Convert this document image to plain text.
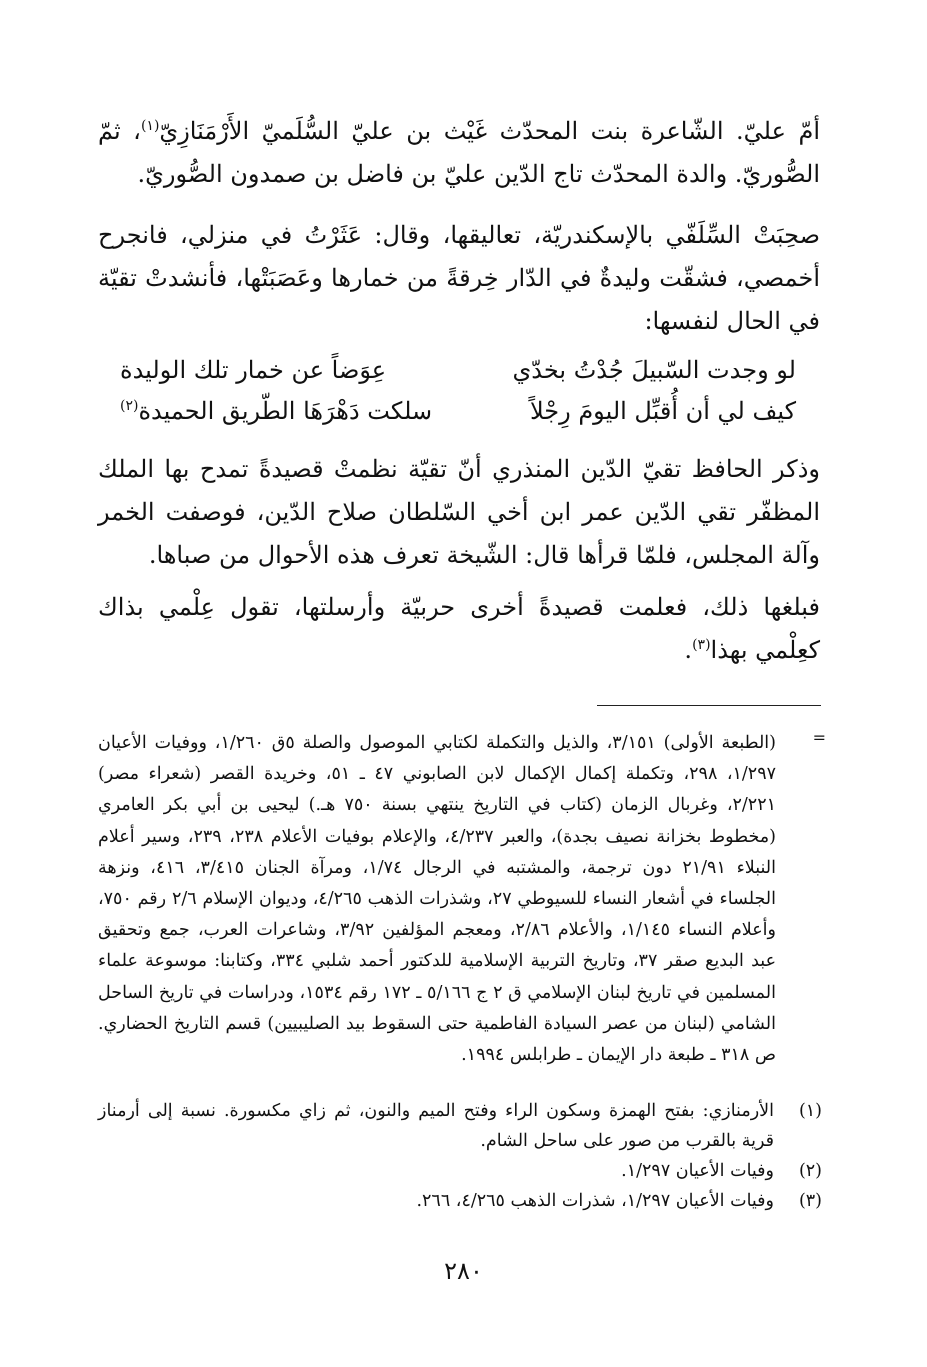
أمّ عليّ. الشّاعرة بنت المحدّث غَيْث بن عليّ السُّلَميّ الأَرْمَنَازِيّ$^{(١)}$، ثمّ الصُّوريّ. والدة المحدّث تاج الدّين عليّ بن فاضل بن صمدون الصُّوريّ.

صحِبَتْ السِّلَفّي بالإسكندريّة، تعاليقها، وقال: عَثَرْتُ في منزلي، فانجرح أخمصي، فشقّت وليدةٌ في الدّار خِرقةً من خمارها وعَصَبَتْها، فأنشدتْ تقيّة في الحال لنفسها:

لو وجدت السّبيلَ جُدْتُ بخدّي
عِوَضاً عن خمار تلك الوليدة
كيف لي أن أُقبِّل اليومَ رِجْلاً
سلكت دَهْرَهَا الطّريق الحميدة$^{(٢)}$

وذكر الحافظ تقيّ الدّين المنذري أنّ تقيّة نظمتْ قصيدةً تمدح بها الملك المظفّر تقي الدّين عمر ابن أخي السّلطان صلاح الدّين، فوصفت الخمر وآلة المجلس، فلمّا قرأها قال: الشّيخة تعرف هذه الأحوال من صباها.

فبلغها ذلك، فعلمت قصيدةً أخرى حربيّة وأرسلتها، تقول عِلْمي بذاك كعِلْمي بهذا$^{(٣)}$.

=
(الطبعة الأولى) ٣/١٥١، والذيل والتكملة لكتابي الموصول والصلة ٥ق ١/٢٦٠، ووفيات الأعيان ١/٢٩٧، ٢٩٨، وتكملة إكمال الإكمال لابن الصابوني ٤٧ ـ ٥١، وخريدة القصر (شعراء مصر) ٢/٢٢١، وغربال الزمان (كتاب في التاريخ ينتهي بسنة ٧٥٠ هـ.) ليحيى بن أبي بكر العامري (مخطوط بخزانة نصيف بجدة)، والعبر ٤/٢٣٧، والإعلام بوفيات الأعلام ٢٣٨، ٢٣٩، وسير أعلام النبلاء ٢١/٩١ دون ترجمة، والمشتبه في الرجال ١/٧٤، ومرآة الجنان ٣/٤١٥، ٤١٦، ونزهة الجلساء في أشعار النساء للسيوطي ٢٧، وشذرات الذهب ٤/٢٦٥، وديوان الإسلام ٢/٦ رقم ٧٥٠، وأعلام النساء ١/١٤٥، والأعلام ٢/٨٦، ومعجم المؤلفين ٣/٩٢، وشاعرات العرب، جمع وتحقيق عبد البديع صقر ٣٧، وتاريخ التربية الإسلامية للدكتور أحمد شلبي ٣٣٤، وكتابنا: موسوعة علماء المسلمين في تاريخ لبنان الإسلامي ق ٢ ج ٥/١٦٦ ـ ١٧٢ رقم ١٥٣٤، ودراسات في تاريخ الساحل الشامي (لبنان من عصر السيادة الفاطمية حتى السقوط بيد الصليبيين) قسم التاريخ الحضاري. ص ٣١٨ ـ طبعة دار الإيمان ـ طرابلس ١٩٩٤.
(١)
الأرمنازي: بفتح الهمزة وسكون الراء وفتح الميم والنون، ثم زاي مكسورة. نسبة إلى أرمناز قرية بالقرب من صور على ساحل الشام.
(٢)
وفيات الأعيان ١/٢٩٧.
(٣)
وفيات الأعيان ١/٢٩٧، شذرات الذهب ٤/٢٦٥، ٢٦٦.
٢٨٠
